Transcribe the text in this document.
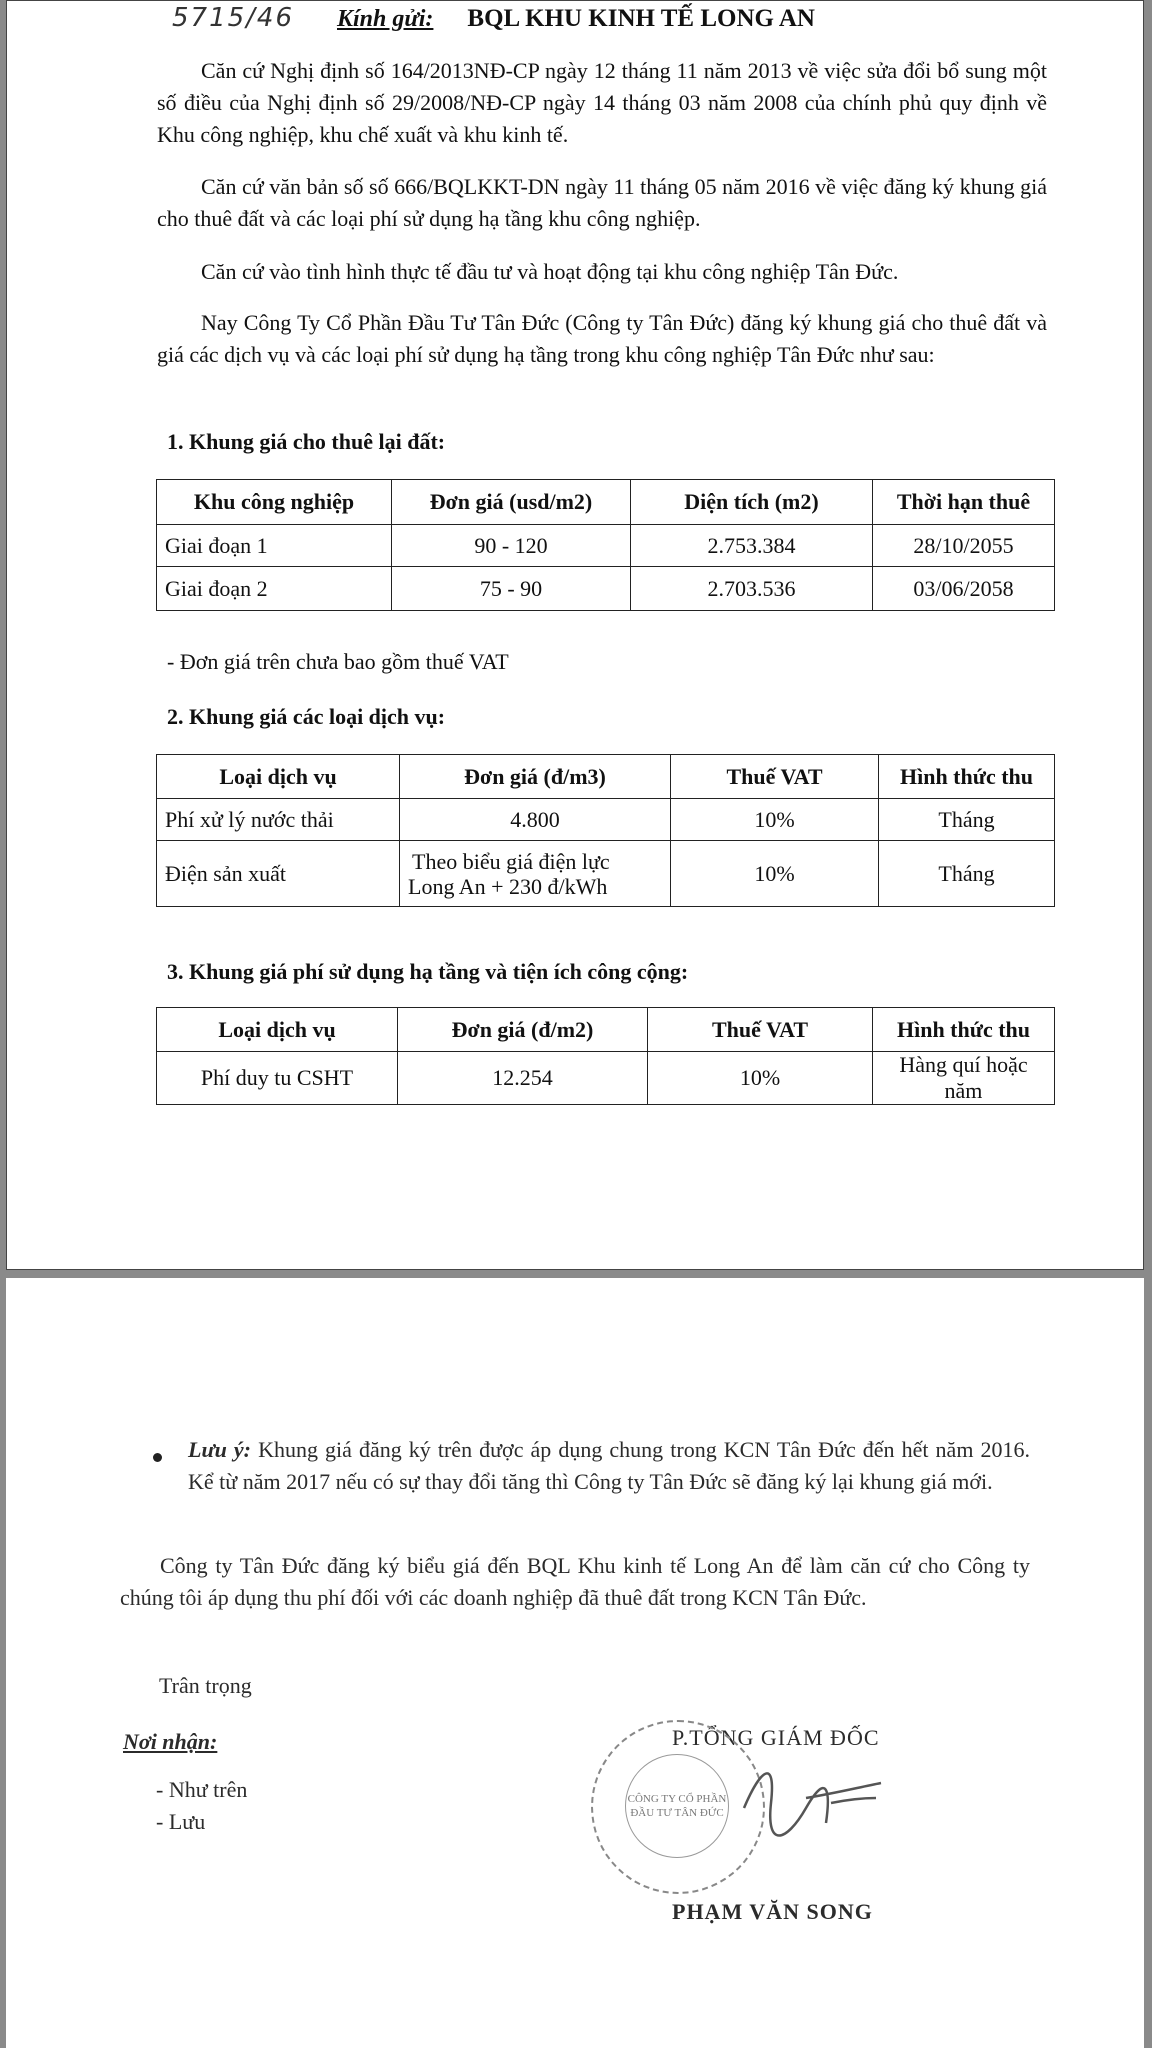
5715/46 Kính gửi: BQL KHU KINH TẾ LONG AN
Căn cứ Nghị định số 164/2013NĐ-CP ngày 12 tháng 11 năm 2013 về việc sửa đổi bổ sung một số điều của Nghị định số 29/2008/NĐ-CP ngày 14 tháng 03 năm 2008 của chính phủ quy định về Khu công nghiệp, khu chế xuất và khu kinh tế.
Căn cứ văn bản số số 666/BQLKKT-DN ngày 11 tháng 05 năm 2016 về việc đăng ký khung giá cho thuê đất và các loại phí sử dụng hạ tầng khu công nghiệp.
Căn cứ vào tình hình thực tế đầu tư và hoạt động tại khu công nghiệp Tân Đức.
Nay Công Ty Cổ Phần Đầu Tư Tân Đức (Công ty Tân Đức) đăng ký khung giá cho thuê đất và giá các dịch vụ và các loại phí sử dụng hạ tầng trong khu công nghiệp Tân Đức như sau:
1. Khung giá cho thuê lại đất:
Khu công nghiệp	Đơn giá (usd/m2)	Diện tích (m2)	Thời hạn thuê
Giai đoạn 1	90 - 120	2.753.384	28/10/2055
Giai đoạn 2	75 - 90	2.703.536	03/06/2058
- Đơn giá trên chưa bao gồm thuế VAT
2. Khung giá các loại dịch vụ:
Loại dịch vụ	Đơn giá (đ/m3)	Thuế VAT	Hình thức thu
Phí xử lý nước thải	4.800	10%	Tháng
Điện sản xuất	Theo biểu giá điện lực
Long An + 230 đ/kWh	10%	Tháng
3. Khung giá phí sử dụng hạ tầng và tiện ích công cộng:
Loại dịch vụ	Đơn giá (đ/m2)	Thuế VAT	Hình thức thu
Phí duy tu CSHT	12.254	10%	Hàng quí hoặc năm
Lưu ý: Khung giá đăng ký trên được áp dụng chung trong KCN Tân Đức đến hết năm 2016. Kể từ năm 2017 nếu có sự thay đổi tăng thì Công ty Tân Đức sẽ đăng ký lại khung giá mới.
Công ty Tân Đức đăng ký biểu giá đến BQL Khu kinh tế Long An để làm căn cứ cho Công ty chúng tôi áp dụng thu phí đối với các doanh nghiệp đã thuê đất trong KCN Tân Đức.
Trân trọng
Nơi nhận:
- Như trên
- Lưu
P.TỔNG GIÁM ĐỐC
CÔNG TY CỔ PHẦN ĐẦU TƯ TÂN ĐỨC
PHẠM VĂN SONG
